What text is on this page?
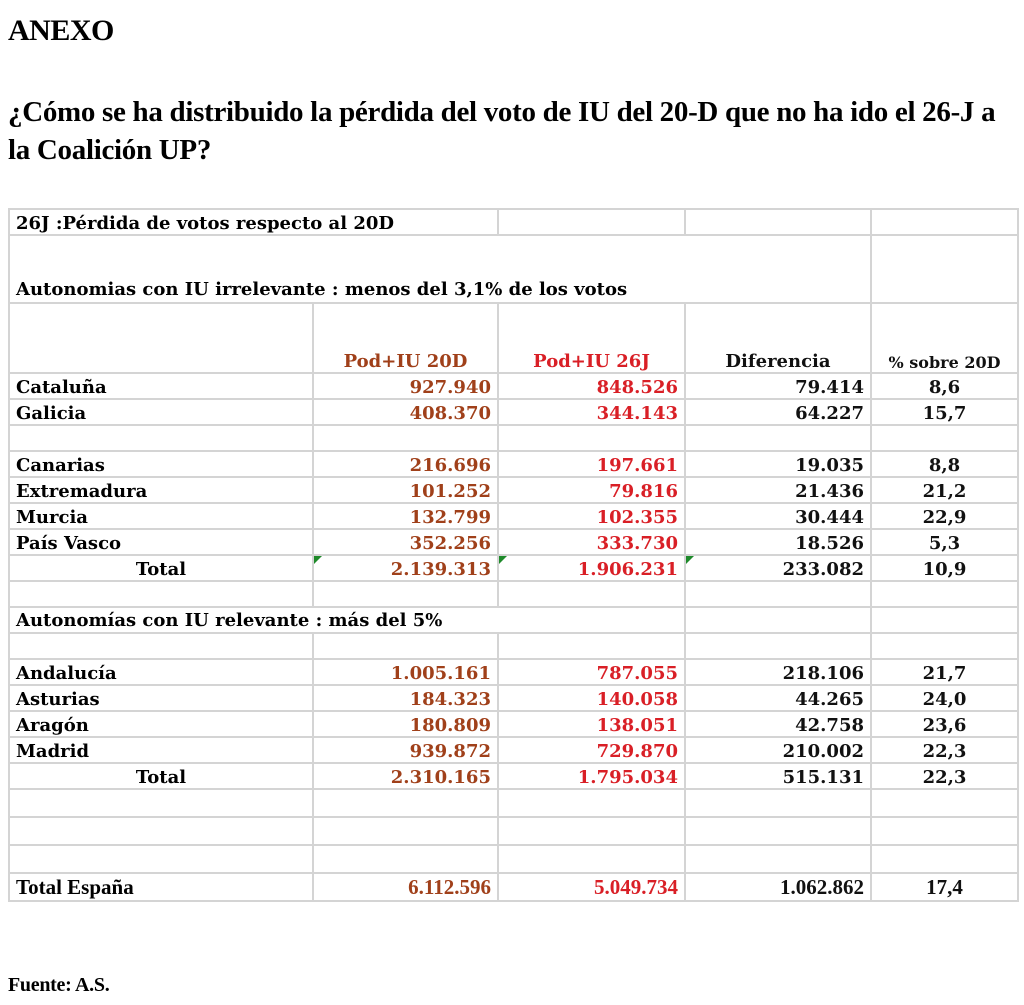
ANEXO
¿Cómo se ha distribuido la pérdida del voto de IU del 20-D que no ha ido el 26-J a la Coalición UP?
26J :Pérdida de votos respecto al 20D				
Autonomias con IU irrelevante : menos del 3,1% de los votos				
	Pod+IU 20D	Pod+IU 26J	Diferencia	% sobre 20D
Cataluña	927.940	848.526	79.414	8,6
Galicia	408.370	344.143	64.227	15,7

Canarias	216.696	197.661	19.035	8,8
Extremadura	101.252	79.816	21.436	21,2
Murcia	132.799	102.355	30.444	22,9
País Vasco	352.256	333.730	18.526	5,3
Total	2.139.313	1.906.231	233.082	10,9

Autonomías con IU relevante : más del 5%				

Andalucía	1.005.161	787.055	218.106	21,7
Asturias	184.323	140.058	44.265	24,0
Aragón	180.809	138.051	42.758	23,6
Madrid	939.872	729.870	210.002	22,3
Total	2.310.165	1.795.034	515.131	22,3

Total España	6.112.596	5.049.734	1.062.862	17,4
Fuente: A.S.
